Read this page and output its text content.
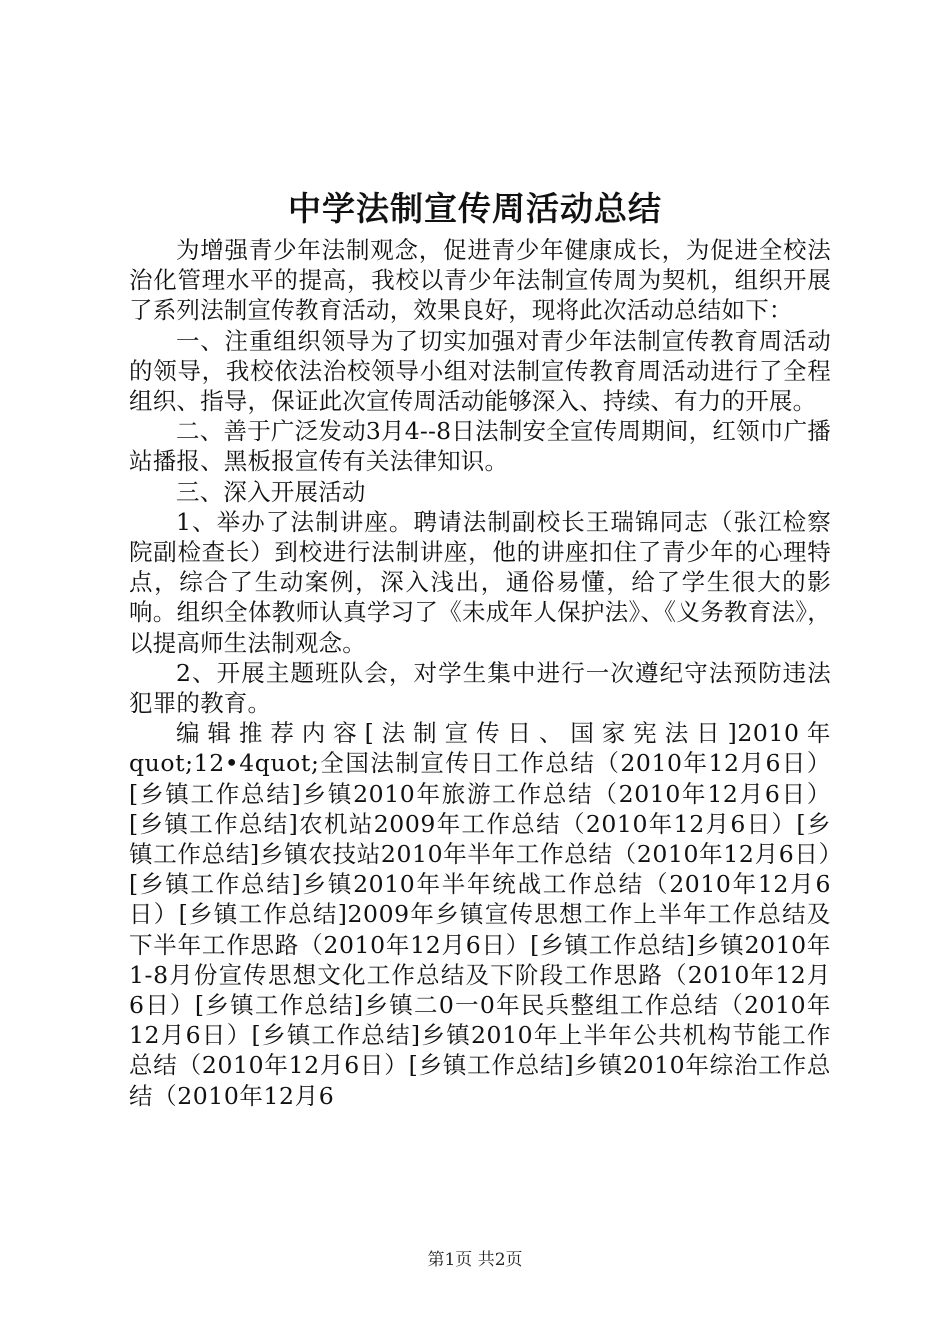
中学法制宣传周活动总结

为增强青少年法制观念，促进青少年健康成长，为促进全校法治化管理水平的提高，我校以青少年法制宣传周为契机，组织开展了系列法制宣传教育活动，效果良好，现将此次活动总结如下：

一、注重组织领导为了切实加强对青少年法制宣传教育周活动的领导，我校依法治校领导小组对法制宣传教育周活动进行了全程组织、指导，保证此次宣传周活动能够深入、持续、有力的开展。

二、善于广泛发动3月4--8日法制安全宣传周期间，红领巾广播站播报、黑板报宣传有关法律知识。

三、深入开展活动

1、举办了法制讲座。聘请法制副校长王瑞锦同志（张江检察院副检查长）到校进行法制讲座，他的讲座扣住了青少年的心理特点，综合了生动案例，深入浅出，通俗易懂，给了学生很大的影响。组织全体教师认真学习了《未成年人保护法》、《义务教育法》，以提高师生法制观念。

2、开展主题班队会，对学生集中进行一次遵纪守法预防违法犯罪的教育。

编辑推荐内容[法制宣传日、国家宪法日]2010年quot;12•4quot;全国法制宣传日工作总结（2010年12月6日）[乡镇工作总结]乡镇2010年旅游工作总结（2010年12月6日）[乡镇工作总结]农机站2009年工作总结（2010年12月6日）[乡镇工作总结]乡镇农技站2010年半年工作总结（2010年12月6日）[乡镇工作总结]乡镇2010年半年统战工作总结（2010年12月6日）[乡镇工作总结]2009年乡镇宣传思想工作上半年工作总结及下半年工作思路（2010年12月6日）[乡镇工作总结]乡镇2010年1-8月份宣传思想文化工作总结及下阶段工作思路（2010年12月6日）[乡镇工作总结]乡镇二0一0年民兵整组工作总结（2010年12月6日）[乡镇工作总结]乡镇2010年上半年公共机构节能工作总结（2010年12月6日）[乡镇工作总结]乡镇2010年综治工作总结（2010年12月6

第1页 共2页
